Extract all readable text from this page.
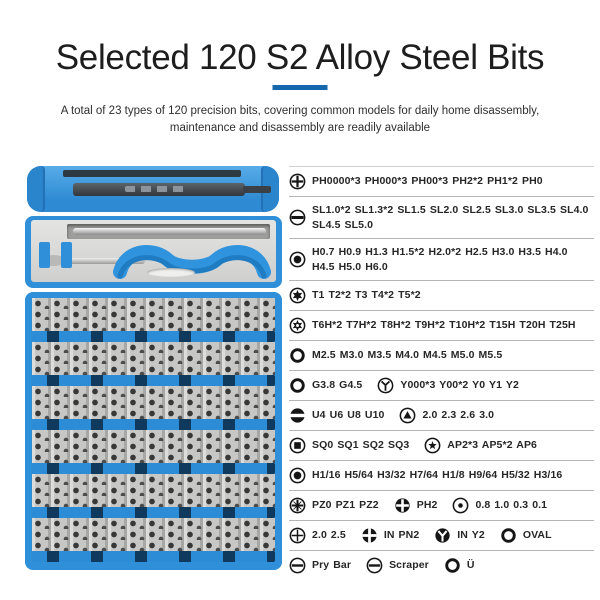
Selected 120 S2 Alloy Steel Bits
A total of 23 types of 120 precision bits, covering common models for daily home disassembly, maintenance and disassembly are readily available
PH0000*3 PH000*3 PH00*3 PH2*2 PH1*2 PH0
SL1.0*2 SL1.3*2 SL1.5 SL2.0 SL2.5 SL3.0 SL3.5 SL4.0 SL4.5 SL5.0
H0.7 H0.9 H1.3 H1.5*2 H2.0*2 H2.5 H3.0 H3.5 H4.0 H4.5 H5.0 H6.0
T1 T2*2 T3 T4*2 T5*2
T6H*2 T7H*2 T8H*2 T9H*2 T10H*2 T15H T20H T25H
M2.5 M3.0 M3.5 M4.0 M4.5 M5.0 M5.5
G3.8 G4.5	Y000*3 Y00*2 Y0 Y1 Y2
U4 U6 U8 U10	2.0 2.3 2.6 3.0
SQ0 SQ1 SQ2 SQ3	AP2*3 AP5*2 AP6
H1/16 H5/64 H3/32 H7/64 H1/8 H9/64 H5/32 H3/16
PZ0 PZ1 PZ2	PH2	0.8 1.0 0.3 0.1
2.0 2.5	IN PN2	IN Y2	OVAL
Pry Bar	Scraper	Ü
